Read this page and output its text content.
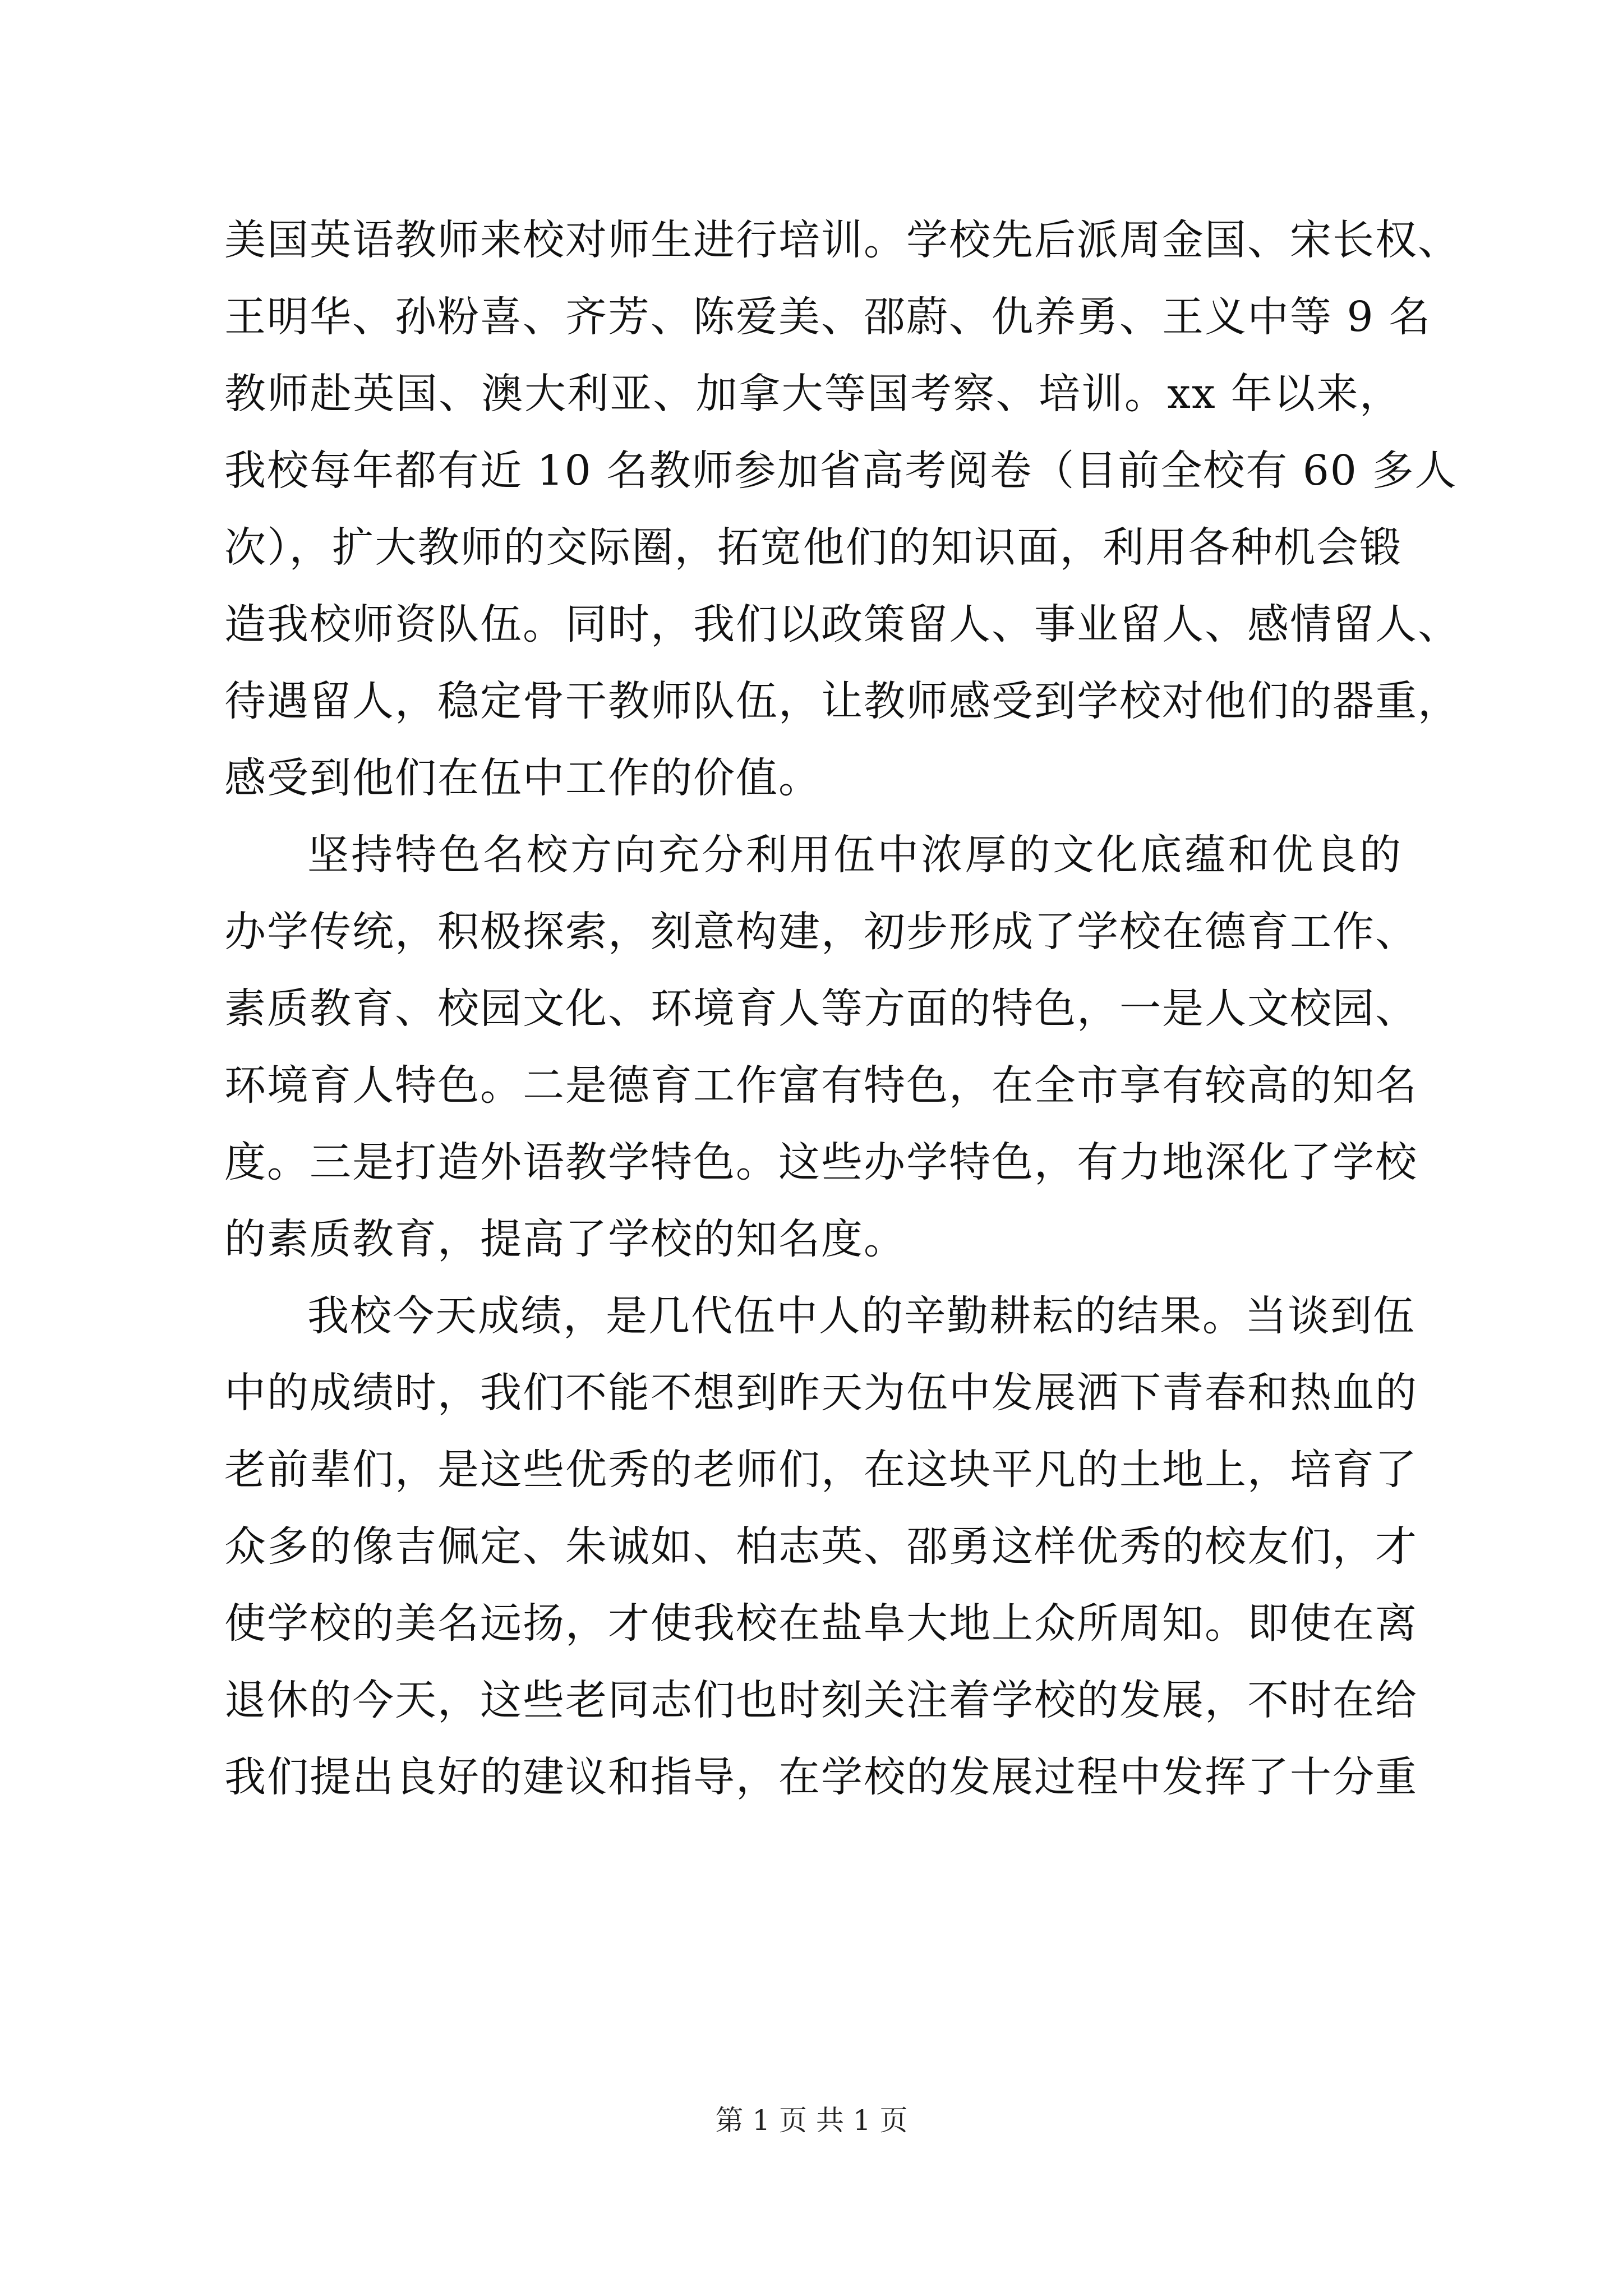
美国英语教师来校对师生进行培训。学校先后派周金国、宋长权、
王明华、孙粉喜、齐芳、陈爱美、邵蔚、仇养勇、王义中等 9 名
教师赴英国、澳大利亚、加拿大等国考察、培训。xx 年以来，
我校每年都有近 10 名教师参加省高考阅卷（目前全校有 60 多人
次），扩大教师的交际圈，拓宽他们的知识面，利用各种机会锻
造我校师资队伍。同时，我们以政策留人、事业留人、感情留人、
待遇留人，稳定骨干教师队伍，让教师感受到学校对他们的器重，
感受到他们在伍中工作的价值。
坚持特色名校方向充分利用伍中浓厚的文化底蕴和优良的
办学传统，积极探索，刻意构建，初步形成了学校在德育工作、
素质教育、校园文化、环境育人等方面的特色，一是人文校园、
环境育人特色。二是德育工作富有特色，在全市享有较高的知名
度。三是打造外语教学特色。这些办学特色，有力地深化了学校
的素质教育，提高了学校的知名度。
我校今天成绩，是几代伍中人的辛勤耕耘的结果。当谈到伍
中的成绩时，我们不能不想到昨天为伍中发展洒下青春和热血的
老前辈们，是这些优秀的老师们，在这块平凡的土地上，培育了
众多的像吉佩定、朱诚如、柏志英、邵勇这样优秀的校友们，才
使学校的美名远扬，才使我校在盐阜大地上众所周知。即使在离
退休的今天，这些老同志们也时刻关注着学校的发展，不时在给
我们提出良好的建议和指导，在学校的发展过程中发挥了十分重
第 1 页 共 1 页
